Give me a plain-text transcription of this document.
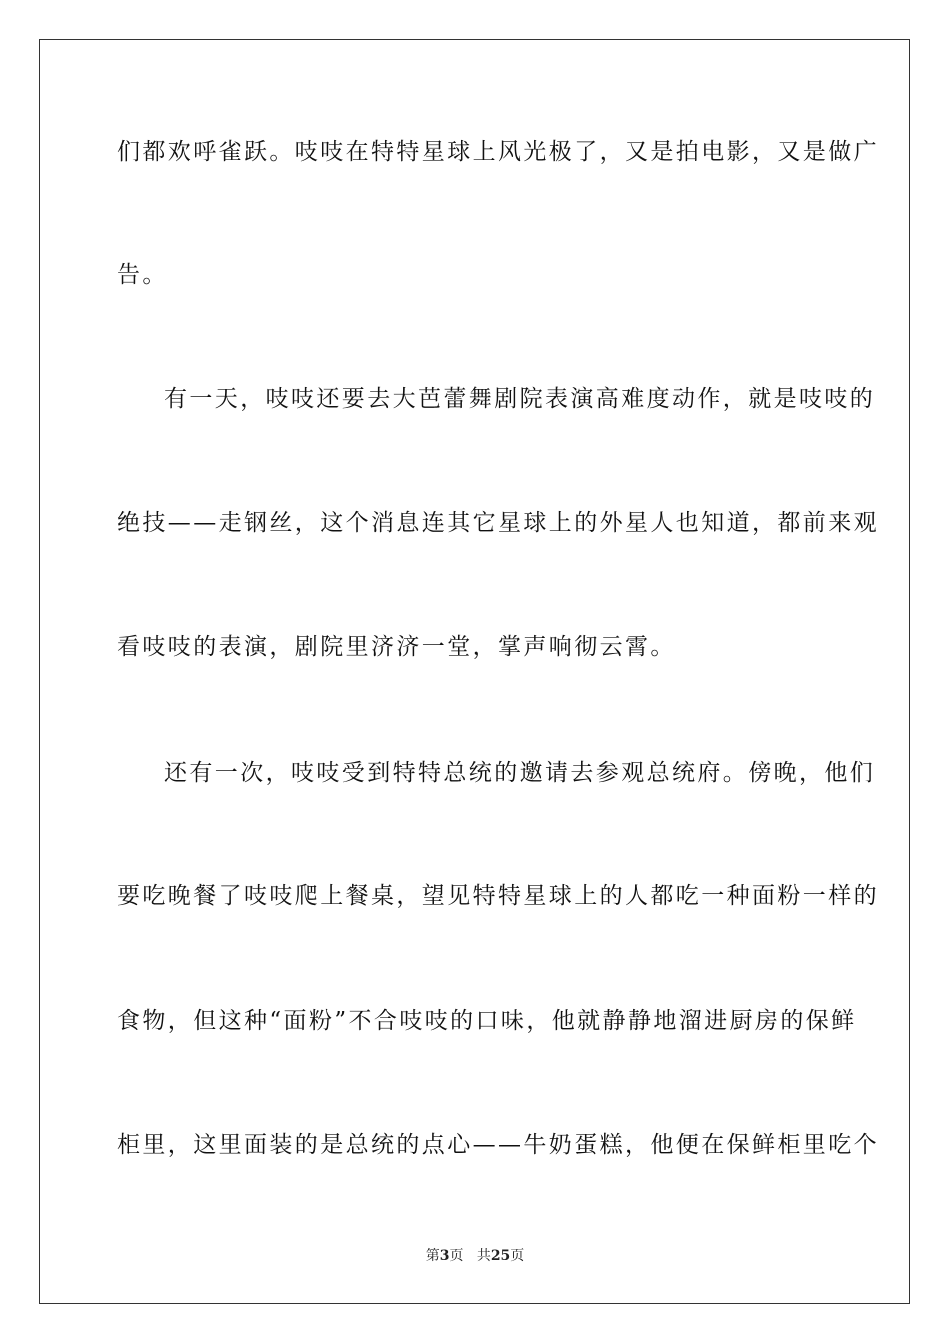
们都欢呼雀跃。吱吱在特特星球上风光极了，又是拍电影，又是做广
告。
有一天，吱吱还要去大芭蕾舞剧院表演高难度动作，就是吱吱的
绝技——走钢丝，这个消息连其它星球上的外星人也知道，都前来观
看吱吱的表演，剧院里济济一堂，掌声响彻云霄。
还有一次，吱吱受到特特总统的邀请去参观总统府。傍晚，他们
要吃晚餐了吱吱爬上餐桌，望见特特星球上的人都吃一种面粉一样的
食物，但这种“面粉”不合吱吱的口味，他就静静地溜进厨房的保鲜
柜里，这里面装的是总统的点心——牛奶蛋糕，他便在保鲜柜里吃个
第3页 共25页
